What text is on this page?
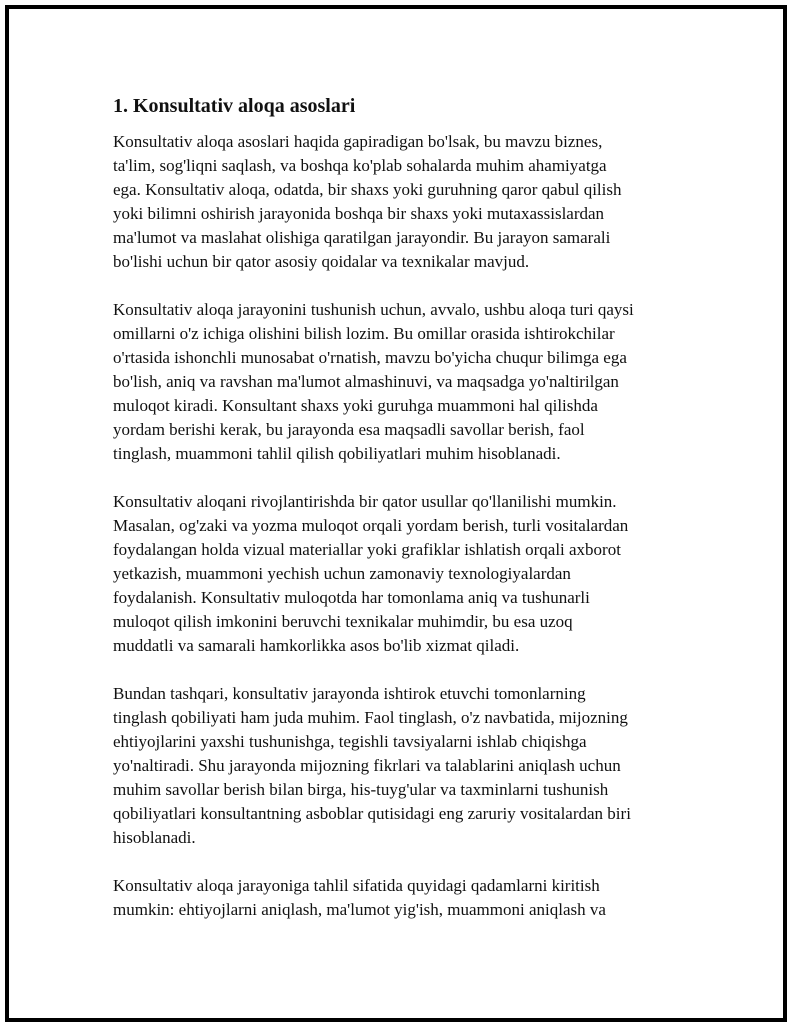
1. Konsultativ aloqa asoslari

Konsultativ aloqa asoslari haqida gapiradigan bo'lsak, bu mavzu biznes,
ta'lim, sog'liqni saqlash, va boshqa ko'plab sohalarda muhim ahamiyatga
ega. Konsultativ aloqa, odatda, bir shaxs yoki guruhning qaror qabul qilish
yoki bilimni oshirish jarayonida boshqa bir shaxs yoki mutaxassislardan
ma'lumot va maslahat olishiga qaratilgan jarayondir. Bu jarayon samarali
bo'lishi uchun bir qator asosiy qoidalar va texnikalar mavjud.

Konsultativ aloqa jarayonini tushunish uchun, avvalo, ushbu aloqa turi qaysi
omillarni o'z ichiga olishini bilish lozim. Bu omillar orasida ishtirokchilar
o'rtasida ishonchli munosabat o'rnatish, mavzu bo'yicha chuqur bilimga ega
bo'lish, aniq va ravshan ma'lumot almashinuvi, va maqsadga yo'naltirilgan
muloqot kiradi. Konsultant shaxs yoki guruhga muammoni hal qilishda
yordam berishi kerak, bu jarayonda esa maqsadli savollar berish, faol
tinglash, muammoni tahlil qilish qobiliyatlari muhim hisoblanadi.

Konsultativ aloqani rivojlantirishda bir qator usullar qo'llanilishi mumkin.
Masalan, og'zaki va yozma muloqot orqali yordam berish, turli vositalardan
foydalangan holda vizual materiallar yoki grafiklar ishlatish orqali axborot
yetkazish, muammoni yechish uchun zamonaviy texnologiyalardan
foydalanish. Konsultativ muloqotda har tomonlama aniq va tushunarli
muloqot qilish imkonini beruvchi texnikalar muhimdir, bu esa uzoq
muddatli va samarali hamkorlikka asos bo'lib xizmat qiladi.

Bundan tashqari, konsultativ jarayonda ishtirok etuvchi tomonlarning
tinglash qobiliyati ham juda muhim. Faol tinglash, o'z navbatida, mijozning
ehtiyojlarini yaxshi tushunishga, tegishli tavsiyalarni ishlab chiqishga
yo'naltiradi. Shu jarayonda mijozning fikrlari va talablarini aniqlash uchun
muhim savollar berish bilan birga, his-tuyg'ular va taxminlarni tushunish
qobiliyatlari konsultantning asboblar qutisidagi eng zaruriy vositalardan biri
hisoblanadi.

Konsultativ aloqa jarayoniga tahlil sifatida quyidagi qadamlarni kiritish
mumkin: ehtiyojlarni aniqlash, ma'lumot yig'ish, muammoni aniqlash va
